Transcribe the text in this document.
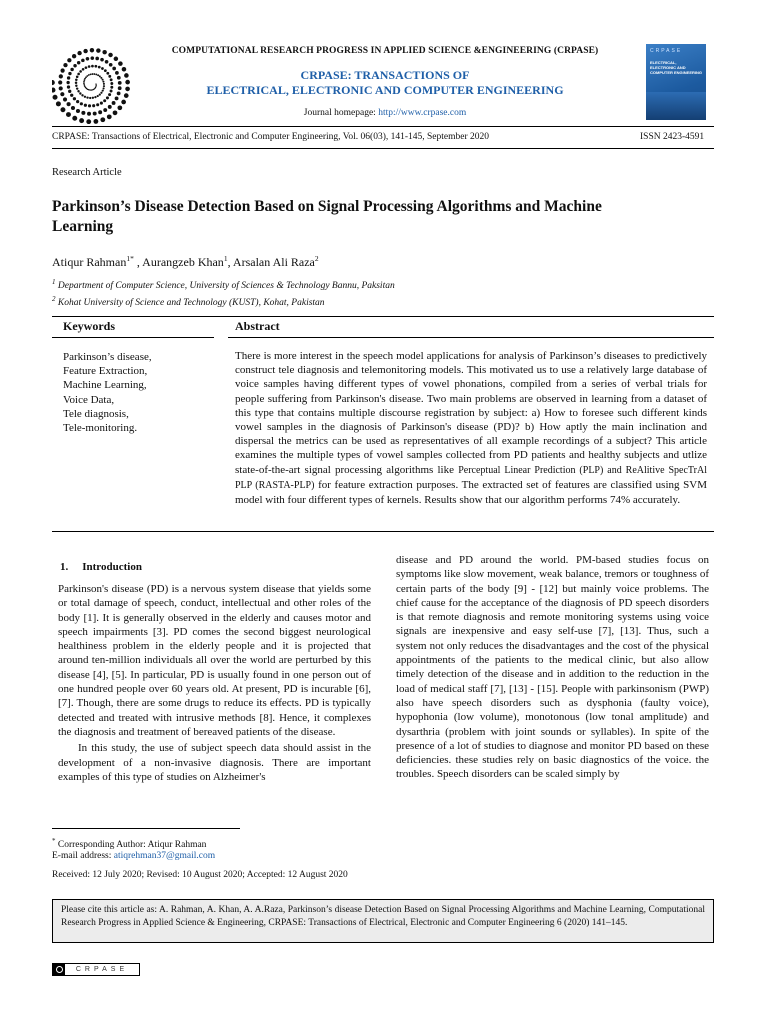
COMPUTATIONAL RESEARCH PROGRESS IN APPLIED SCIENCE &ENGINEERING (CRPASE)
CRPASE: TRANSACTIONS OF
ELECTRICAL, ELECTRONIC AND COMPUTER ENGINEERING
Journal homepage: http://www.crpase.com
CRPASE
ELECTRICAL, ELECTRONIC AND COMPUTER ENGINEERING
CRPASE: Transactions of Electrical, Electronic and Computer Engineering, Vol. 06(03), 141-145, September 2020	ISSN 2423-4591
Research Article
Parkinson’s Disease Detection Based on Signal Processing Algorithms and Machine
Learning
Atiqur Rahman$^{1*}$ , Aurangzeb Khan$^1$, Arsalan Ali Raza$^2$
$^1$ Department of Computer Science, University of Sciences & Technology Bannu, Paksitan
$^2$ Kohat University of Science and Technology (KUST), Kohat, Pakistan
Keywords	Abstract
Parkinson’s disease,
Feature Extraction,
Machine Learning,
Voice Data,
Tele diagnosis,
Tele-monitoring.
There is more interest in the speech model applications for analysis of Parkinson’s diseases to predictively construct tele diagnosis and telemonitoring models. This motivated us to use a relatively large database of voice samples having different types of vowel phonations, compiled from a series of verbal trials for people suffering from Parkinson's disease. Two main problems are observed in learning from a dataset of this type that contains multiple discourse registration by subject: a) How to foresee such different kinds vowel samples in the diagnosis of Parkinson's disease (PD)? b) How aptly the main inclination and dispersal the metrics can be used as representatives of all example recordings of a subject? This article examines the multiple types of vowel samples collected from PD patients and healthy subjects and utlize state-of-the-art signal processing algorithms like Perceptual Linear Prediction (PLP) and ReAlitive SpecTrAl PLP (RASTA-PLP) for feature extraction purposes. The extracted set of features are classified using SVM model with four different types of kernels. Results show that our algorithm performs 74% accurately.
1. Introduction
Parkinson's disease (PD) is a nervous system disease that yields some or total damage of speech, conduct, intellectual and other roles of the body [1]. It is generally observed in the elderly and causes motor and speech impairments [3]. PD comes the second biggest neurological healthiness problem in the elderly people and it is projected that around ten-million individuals all over the world are perturbed by this disease [4], [5]. In particular, PD is usually found in one person out of one hundred people over 60 years old. At present, PD is incurable [6], [7]. Though, there are some drugs to reduce its effects. PD is typically detected and treated with intrusive methods [8]. Hence, it complexes the diagnosis and treatment of bereaved patients of the disease.
In this study, the use of subject speech data should assist in the development of a non-invasive diagnosis. There are important examples of this type of studies on Alzheimer's
disease and PD around the world. PM-based studies focus on symptoms like slow movement, weak balance, tremors or toughness of certain parts of the body [9] - [12] but mainly voice problems. The chief cause for the acceptance of the diagnosis of PD speech disorders is that remote diagnosis and remote monitoring systems using voice signals are inexpensive and easy self-use [7], [13]. Thus, such a system not only reduces the disadvantages and the cost of the physical appointments of the patients to the medical clinic, but also allow timely detection of the disease and in addition to the reduction in the load of medical staff [7], [13] - [15]. People with parkinsonism (PWP) also have speech disorders such as dysphonia (faulty voice), hypophonia (low volume), monotonous (low tonal amplitude) and dysarthria (problem with joint sounds or syllables). In spite of the presence of a lot of studies to diagnose and monitor PD based on these deficiencies. these studies rely on basic diagnostics of the voice. the troubles. Speech disorders can be scaled simply by
* Corresponding Author: Atiqur Rahman
E-mail address: atiqrehman37@gmail.com
Received: 12 July 2020; Revised: 10 August 2020; Accepted: 12 August 2020
Please cite this article as: A. Rahman, A. Khan, A. A.Raza, Parkinson’s disease Detection Based on Signal Processing Algorithms and Machine Learning, Computational Research Progress in Applied Science & Engineering, CRPASE: Transactions of Electrical, Electronic and Computer Engineering 6 (2020) 141–145.
CRPASE
